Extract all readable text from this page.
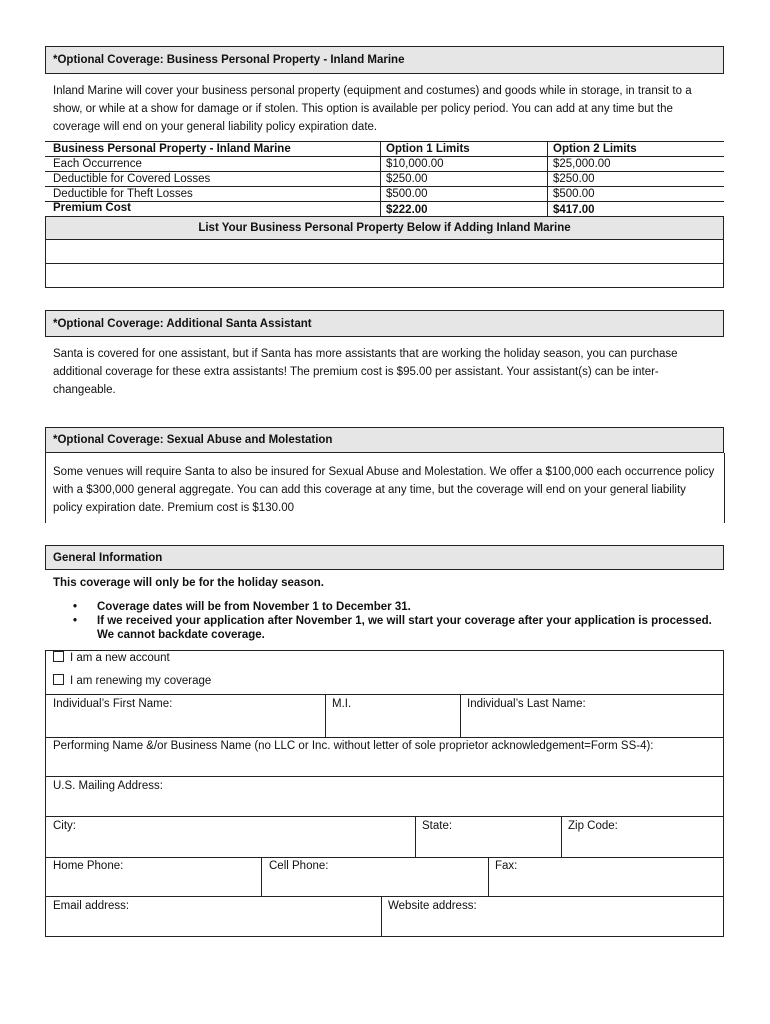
*Optional Coverage: Business Personal Property - Inland Marine
Inland Marine will cover your business personal property (equipment and costumes) and goods while in storage, in transit to a show, or while at a show for damage or if stolen. This option is available per policy period. You can add at any time but the coverage will end on your general liability policy expiration date.
Business Personal Property - Inland Marine	Option 1 Limits	Option 2 Limits
Each Occurrence	$10,000.00	$25,000.00
Deductible for Covered Losses	$250.00	$250.00
Deductible for Theft Losses	$500.00	$500.00
Premium Cost	$222.00	$417.00
List Your Business Personal Property Below if Adding Inland Marine
*Optional Coverage: Additional Santa Assistant
Santa is covered for one assistant, but if Santa has more assistants that are working the holiday season, you can purchase additional coverage for these extra assistants! The premium cost is $95.00 per assistant. Your assistant(s) can be inter-changeable.
*Optional Coverage: Sexual Abuse and Molestation
Some venues will require Santa to also be insured for Sexual Abuse and Molestation. We offer a $100,000 each occurrence policy with a $300,000 general aggregate. You can add this coverage at any time, but the coverage will end on your general liability policy expiration date. Premium cost is $130.00
General Information
This coverage will only be for the holiday season.
• Coverage dates will be from November 1 to December 31.
• If we received your application after November 1, we will start your coverage after your application is processed. We cannot backdate coverage.
I am a new account
I am renewing my coverage
Individual’s First Name:	M.I.	Individual’s Last Name:
Performing Name &/or Business Name (no LLC or Inc. without letter of sole proprietor acknowledgement=Form SS-4):
U.S. Mailing Address:
City:	State:	Zip Code:
Home Phone:	Cell Phone:	Fax:
Email address:	Website address:
